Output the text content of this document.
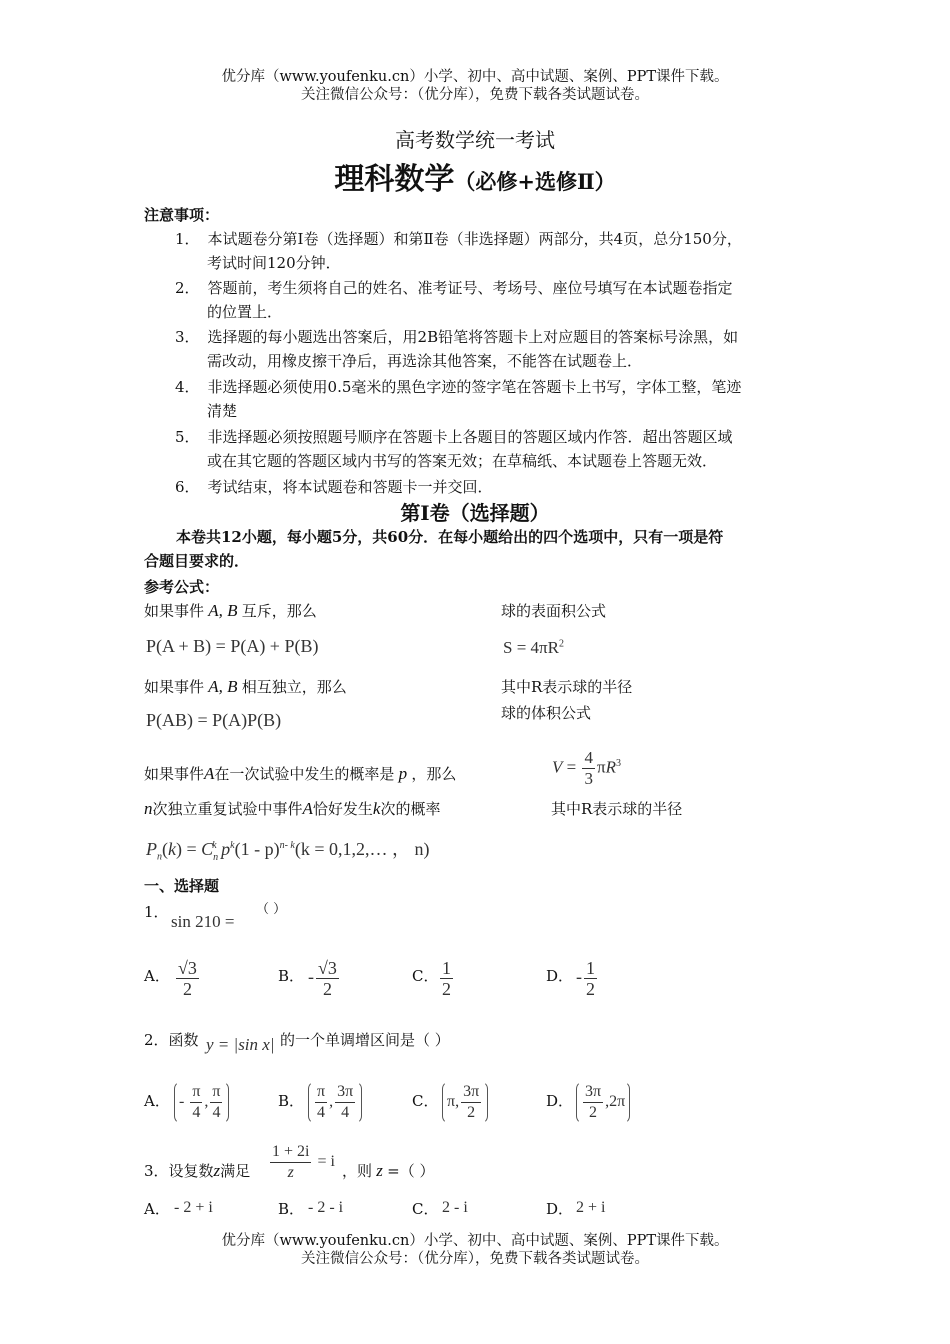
优分库（www.youfenku.cn）小学、初中、高中试题、案例、PPT课件下载。
关注微信公众号：（优分库），免费下载各类试题试卷。
高考数学统一考试
理科数学（必修+选修Ⅱ）
注意事项：
1． 本试题卷分第Ⅰ卷（选择题）和第Ⅱ卷（非选择题）两部分，共4页，总分150分，
考试时间120分钟．
2． 答题前，考生须将自己的姓名、准考证号、考场号、座位号填写在本试题卷指定
的位置上．
3． 选择题的每小题选出答案后，用2B铅笔将答题卡上对应题目的答案标号涂黑，如
需改动，用橡皮擦干净后，再选涂其他答案，不能答在试题卷上．
4． 非选择题必须使用0.5毫米的黑色字迹的签字笔在答题卡上书写，字体工整，笔迹
清楚
5． 非选择题必须按照题号顺序在答题卡上各题目的答题区域内作答．超出答题区域
或在其它题的答题区域内书写的答案无效；在草稿纸、本试题卷上答题无效．
6． 考试结束，将本试题卷和答题卡一并交回．
第Ⅰ卷（选择题）
本卷共12小题，每小题5分，共60分．在每小题给出的四个选项中，只有一项是符
合题目要求的．
参考公式：
如果事件 A, B 互斥，那么
P(A + B) = P(A) + P(B)
如果事件 A, B 相互独立，那么
P(A⁠B) = P(A)⁠P(B)
如果事件A在一次试验中发生的概率是 p ，那么
n次独立重复试验中事件A恰好发生k次的概率
$P_n(k) = C_n^k$ $p^k(1 - p)^{n- k}(k$ = 0,1,2,… ， n)
球的表面积公式
$S = 4\pi R^2$
其中R表示球的半径
球的体积公式
$V = \frac{4}{3} \pi R^3$
其中R表示球的半径
一、选择题
1． sin 210 =
（ ）
A． $\frac{√3}{2}$	B． - $\frac{√3}{2}$	C． $\frac{1}{2}$	D． - $\frac{1}{2}$
2．函数 y = |sin x| 的一个单调增区间是（ ）
A． - $\frac{\pi}{4}$ , $\frac{\pi}{4}$	B． $\frac{\pi}{4}$ , $\frac{3\pi}{4}$	C． π, $\frac{3\pi}{2}$	D． $\frac{3\pi}{2} ,2\pi$
3．设复数z满足 $\frac{1 + 2i}{z} = i$
，则 z =（ ）
A． - 2 + i	B． - 2 - i	C． 2 - i	D． 2 + i
优分库（www.youfenku.cn）小学、初中、高中试题、案例、PPT课件下载。
关注微信公众号：（优分库），免费下载各类试题试卷。
